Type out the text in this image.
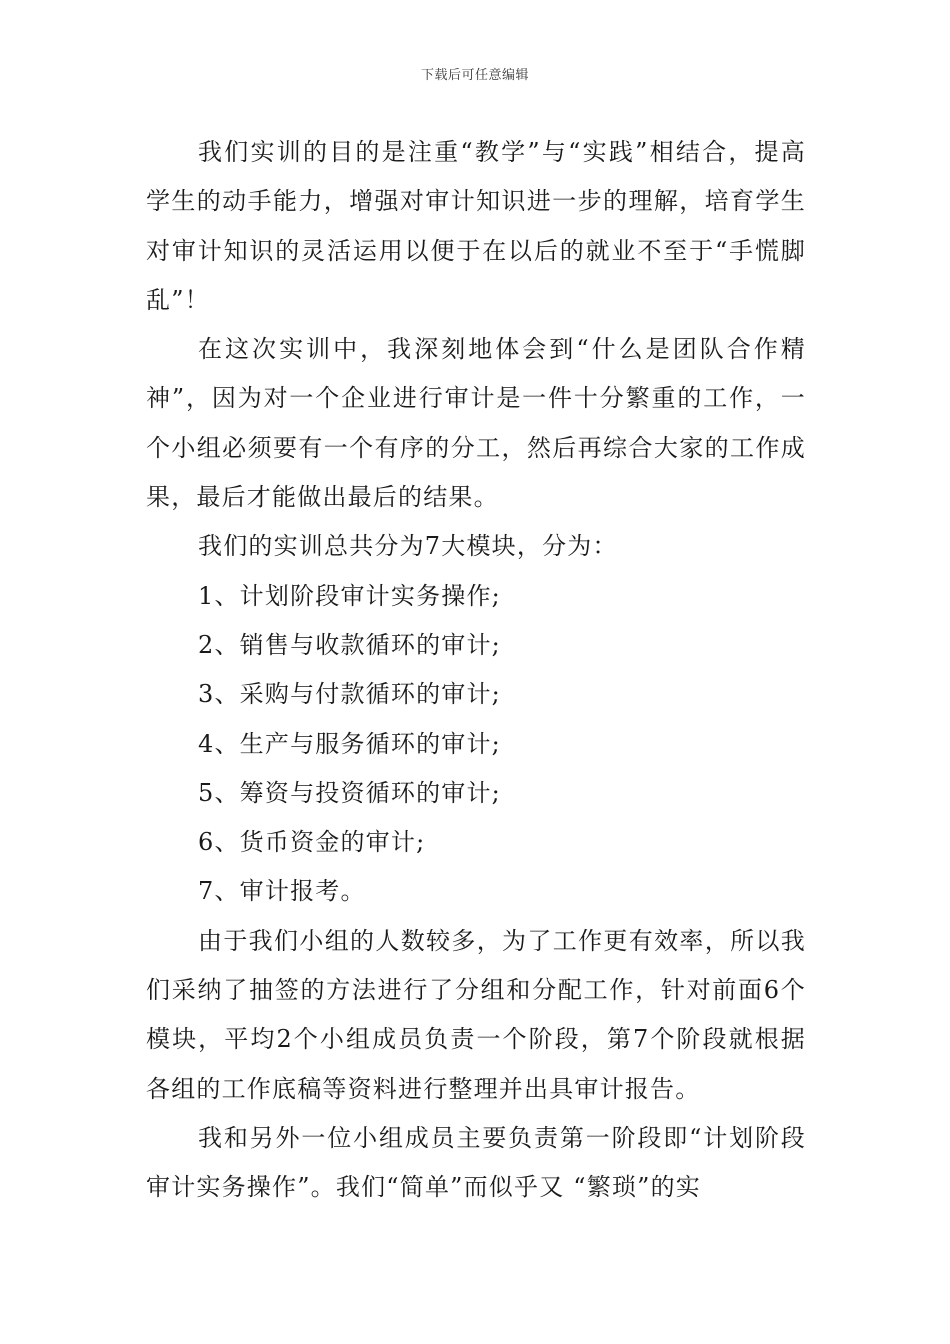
下载后可任意编辑

我们实训的目的是注重“教学”与“实践”相结合，提高学生的动手能力，增强对审计知识进一步的理解，培育学生对审计知识的灵活运用以便于在以后的就业不至于“手慌脚乱”！

在这次实训中，我深刻地体会到“什么是团队合作精神”，因为对一个企业进行审计是一件十分繁重的工作，一个小组必须要有一个有序的分工，然后再综合大家的工作成果，最后才能做出最后的结果。

我们的实训总共分为7大模块，分为：

1、计划阶段审计实务操作;

2、销售与收款循环的审计;

3、采购与付款循环的审计;

4、生产与服务循环的审计;

5、筹资与投资循环的审计;

6、货币资金的审计;

7、审计报考。

由于我们小组的人数较多，为了工作更有效率，所以我们采纳了抽签的方法进行了分组和分配工作，针对前面6个模块，平均2个小组成员负责一个阶段，第7个阶段就根据各组的工作底稿等资料进行整理并出具审计报告。

我和另外一位小组成员主要负责第一阶段即“计划阶段审计实务操作”。我们“简单”而似乎又 “繁琐”的实
